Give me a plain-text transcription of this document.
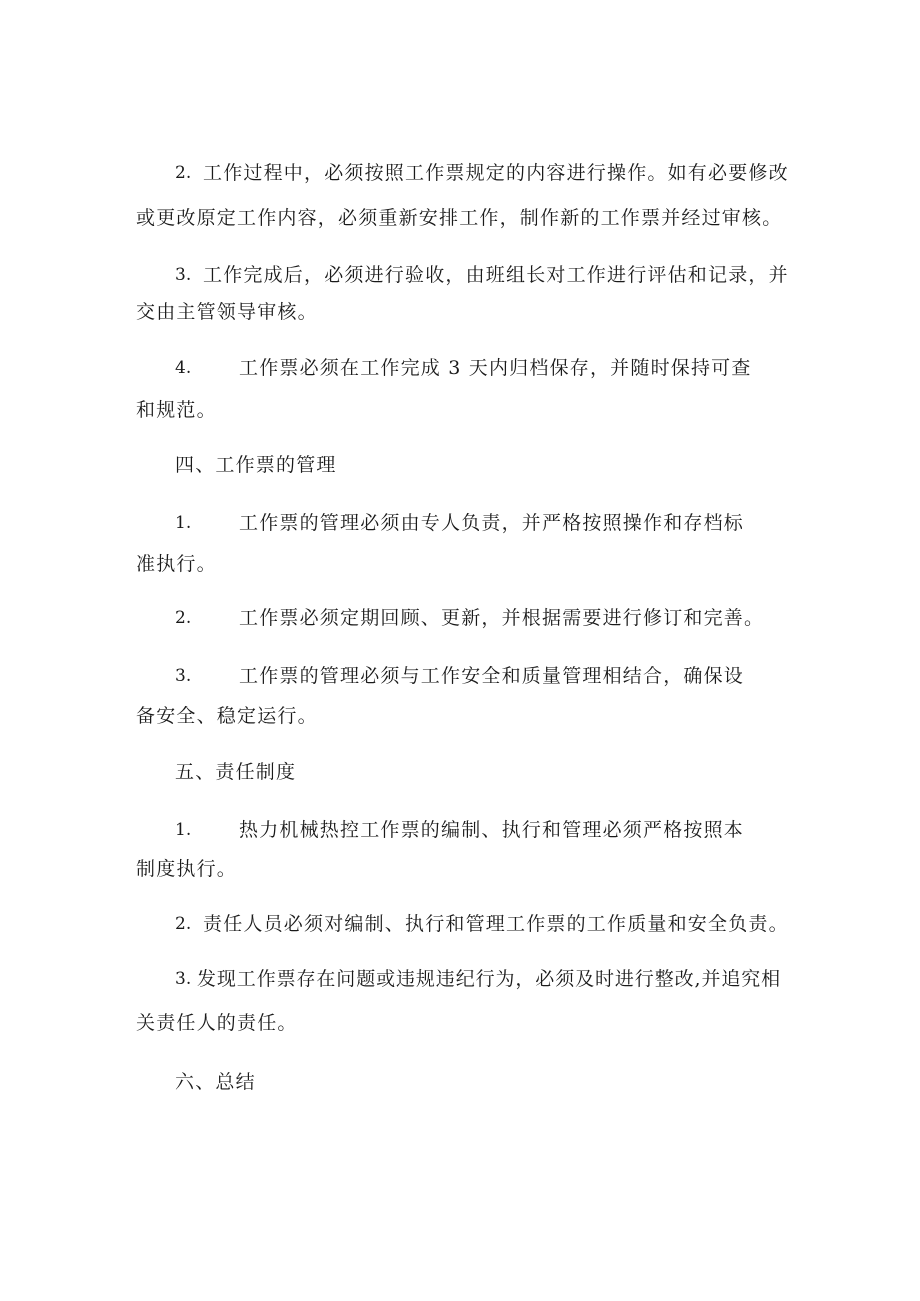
2. 工作过程中，必须按照工作票规定的内容进行操作。如有必要修改
或更改原定工作内容，必须重新安排工作，制作新的工作票并经过审核。
3. 工作完成后，必须进行验收，由班组长对工作进行评估和记录，并
交由主管领导审核。
4.	工作票必须在工作完成 3 天内归档保存，并随时保持可查
和规范。
四、工作票的管理
1.	工作票的管理必须由专人负责，并严格按照操作和存档标
准执行。
2.	工作票必须定期回顾、更新，并根据需要进行修订和完善。
3.	工作票的管理必须与工作安全和质量管理相结合，确保设
备安全、稳定运行。
五、责任制度
1.	热力机械热控工作票的编制、执行和管理必须严格按照本
制度执行。
2. 责任人员必须对编制、执行和管理工作票的工作质量和安全负责。
3. 发现工作票存在问题或违规违纪行为，必须及时进行整改,并追究相
关责任人的责任。
六、总结
